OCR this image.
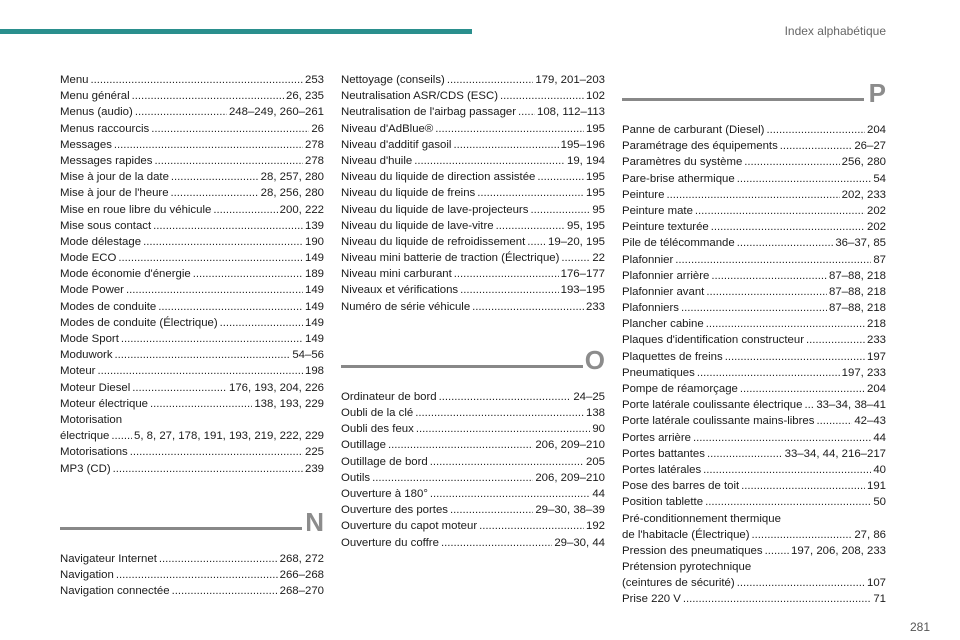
Index alphabétique
Menu . . .	253
Menu général . . .	26, 235
Menus (audio) . . .	248–249, 260–261
Menus raccourcis . . .	26
Messages . . .	278
Messages rapides . . .	278
Mise à jour de la date . . .	28, 257, 280
Mise à jour de l'heure . . .	28, 256, 280
Mise en roue libre du véhicule . . .	200, 222
Mise sous contact . . .	139
Mode délestage . . .	190
Mode ECO . . .	149
Mode économie d'énergie . . .	189
Mode Power . . .	149
Modes de conduite . . .	149
Modes de conduite (Électrique) . . .	149
Mode Sport . . .	149
Moduwork . . .	54–56
Moteur . . .	198
Moteur Diesel . . .	176, 193, 204, 226
Moteur électrique . . .	138, 193, 229
Motorisation
électrique . . . 5, 8, 27, 178, 191, 193, 219, 222, 229
Motorisations . . .	225
MP3 (CD) . . .	239
N
Navigateur Internet . . .	268, 272
Navigation . . .	266–268
Navigation connectée . . .	268–270
Nettoyage (conseils) . . .	179, 201–203
Neutralisation ASR/CDS (ESC) . . .	102
Neutralisation de l'airbag passager . . . 108, 112–113
Niveau d'AdBlue® . . .	195
Niveau d'additif gasoil . . .	195–196
Niveau d'huile . . .	19, 194
Niveau du liquide de direction assistée . . .	195
Niveau du liquide de freins . . .	195
Niveau du liquide de lave-projecteurs . . .	95
Niveau du liquide de lave-vitre . . .	95, 195
Niveau du liquide de refroidissement . . . 19–20, 195
Niveau mini batterie de traction (Électrique) . . .	22
Niveau mini carburant . . .	176–177
Niveaux et vérifications . . .	193–195
Numéro de série véhicule . . .	233
O
Ordinateur de bord . . .	24–25
Oubli de la clé . . .	138
Oubli des feux . . .	90
Outillage . . .	206, 209–210
Outillage de bord . . .	205
Outils . . .	206, 209–210
Ouverture à 180° . . .	44
Ouverture des portes . . .	29–30, 38–39
Ouverture du capot moteur . . .	192
Ouverture du coffre . . .	29–30, 44
P
Panne de carburant (Diesel) . . .	204
Paramétrage des équipements . . .	26–27
Paramètres du système . . .	256, 280
Pare-brise athermique . . .	54
Peinture . . .	202, 233
Peinture mate . . .	202
Peinture texturée . . .	202
Pile de télécommande . . .	36–37, 85
Plafonnier . . .	87
Plafonnier arrière . . .	87–88, 218
Plafonnier avant . . .	87–88, 218
Plafonniers . . .	87–88, 218
Plancher cabine . . .	218
Plaques d'identification constructeur . . .	233
Plaquettes de freins . . .	197
Pneumatiques . . .	197, 233
Pompe de réamorçage . . .	204
Porte latérale coulissante électrique . . . 33–34, 38–41
Porte latérale coulissante mains-libres . . .	42–43
Portes arrière . . .	44
Portes battantes . . .	33–34, 44, 216–217
Portes latérales . . .	40
Pose des barres de toit . . .	191
Position tablette . . .	50
Pré-conditionnement thermique
de l'habitacle (Électrique) . . .	27, 86
Pression des pneumatiques . . . 197, 206, 208, 233
Prétension pyrotechnique
(ceintures de sécurité) . . .	107
Prise 220 V . . .	71
281
